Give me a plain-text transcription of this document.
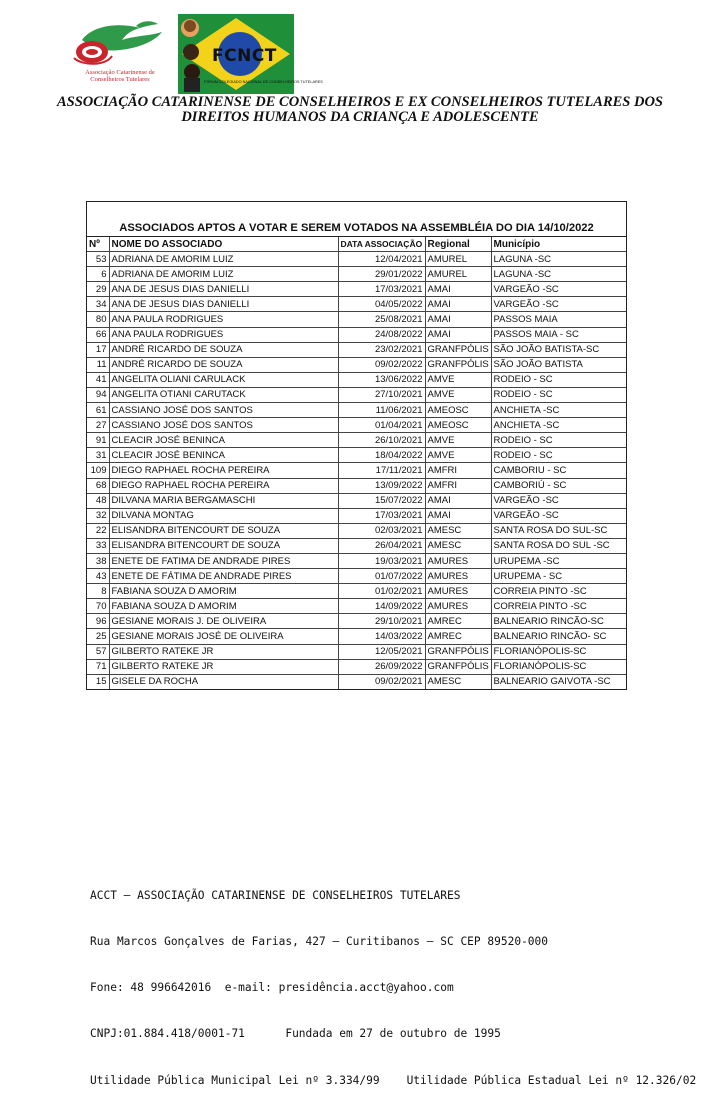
Associação Catarinense de Conselheiros Tutelares
FCNCT
FÓRUM COLEGIADO NACIONAL DE CONSELHEIROS TUTELARES
ASSOCIAÇÃO CATARINENSE DE CONSELHEIROS E EX CONSELHEIROS TUTELARES DOS
DIREITOS HUMANOS DA CRIANÇA E ADOLESCENTE
ASSOCIADOS APTOS A VOTAR E SEREM VOTADOS NA ASSEMBLÉIA DO DIA 14/10/2022
Nº	NOME DO ASSOCIADO	DATA ASSOCIAÇÃO	Regional	Município
53	ADRIANA DE AMORIM LUIZ	12/04/2021	AMUREL	LAGUNA -SC
6	ADRIANA DE AMORIM LUIZ	29/01/2022	AMUREL	LAGUNA -SC
29	ANA DE JESUS DIAS DANIELLI	17/03/2021	AMAI	VARGEÃO -SC
34	ANA DE JESUS DIAS DANIELLI	04/05/2022	AMAI	VARGEÃO -SC
80	ANA PAULA RODRIGUES	25/08/2021	AMAI	PASSOS MAIA
66	ANA PAULA RODRIGUES	24/08/2022	AMAI	PASSOS MAIA - SC
17	ANDRÉ RICARDO DE SOUZA	23/02/2021	GRANFPÓLIS	SÃO JOÃO BATISTA-SC
11	ANDRÉ RICARDO DE SOUZA	09/02/2022	GRANFPÓLIS	SÃO JOÃO BATISTA
41	ANGELITA OLIANI CARULACK	13/06/2022	AMVE	RODEIO - SC
94	ANGELITA OTIANI CARUTACK	27/10/2021	AMVE	RODEIO - SC
61	CASSIANO JOSÉ DOS SANTOS	11/06/2021	AMEOSC	ANCHIETA -SC
27	CASSIANO JOSÉ DOS SANTOS	01/04/2021	AMEOSC	ANCHIETA -SC
91	CLEACIR JOSÉ BENINCA	26/10/2021	AMVE	RODEIO - SC
31	CLEACIR JOSÉ BENINCA	18/04/2022	AMVE	RODEIO - SC
109	DIEGO RAPHAEL ROCHA PEREIRA	17/11/2021	AMFRI	CAMBORIU - SC
68	DIEGO RAPHAEL ROCHA PEREIRA	13/09/2022	AMFRI	CAMBORIÚ - SC
48	DILVANA MARIA BERGAMASCHI	15/07/2022	AMAI	VARGEÃO -SC
32	DILVANA MONTAG	17/03/2021	AMAI	VARGEÃO -SC
22	ELISANDRA BITENCOURT DE SOUZA	02/03/2021	AMESC	SANTA ROSA DO SUL-SC
33	ELISANDRA BITENCOURT DE SOUZA	26/04/2021	AMESC	SANTA ROSA DO SUL -SC
38	ENETE DE FATIMA DE ANDRADE PIRES	19/03/2021	AMURES	URUPEMA -SC
43	ENETE DE FÁTIMA DE ANDRADE PIRES	01/07/2022	AMURES	URUPEMA - SC
8	FABIANA SOUZA D AMORIM	01/02/2021	AMURES	CORREIA PINTO -SC
70	FABIANA SOUZA D AMORIM	14/09/2022	AMURES	CORREIA PINTO -SC
96	GESIANE MORAIS J. DE OLIVEIRA	29/10/2021	AMREC	BALNEARIO RINCÃO-SC
25	GESIANE MORAIS JOSÉ DE OLIVEIRA	14/03/2022	AMREC	BALNEARIO RINCÃO- SC
57	GILBERTO RATEKE JR	12/05/2021	GRANFPÓLIS	FLORIANÓPOLIS-SC
71	GILBERTO RATEKE JR	26/09/2022	GRANFPÓLIS	FLORIANÓPOLIS-SC
15	GISELE DA ROCHA	09/02/2021	AMESC	BALNEARIO GAIVOTA -SC

ACCT – ASSOCIAÇÃO CATARINENSE DE CONSELHEIROS TUTELARES

Rua Marcos Gonçalves de Farias, 427 – Curitibanos – SC CEP 89520-000

Fone: 48 996642016  e-mail: presidência.acct@yahoo.com

CNPJ:01.884.418/0001-71      Fundada em 27 de outubro de 1995

Utilidade Pública Municipal Lei nº 3.334/99    Utilidade Pública Estadual Lei nº 12.326/02
